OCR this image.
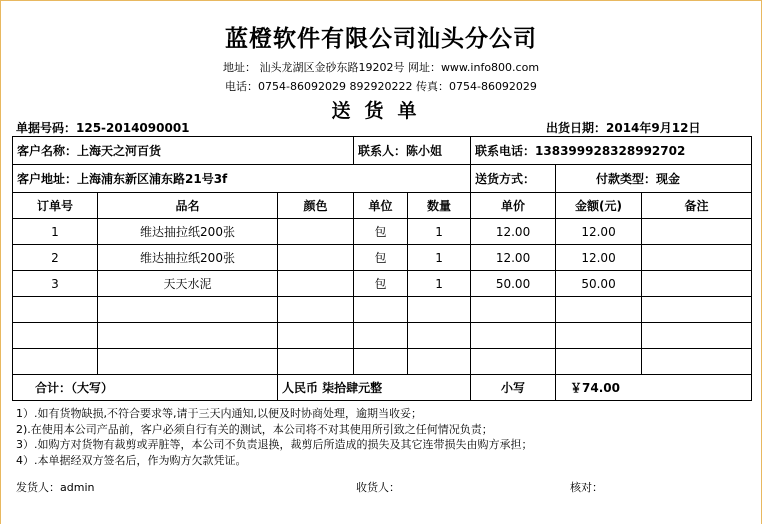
蓝橙软件有限公司汕头分公司
地址： 汕头龙湖区金砂东路19202号 网址：www.info800.com
电话：0754-86092029 892920222 传真：0754-86092029
送货单
单据号码：125-2014090001	出货日期：2014年9月12日
客户名称：上海天之河百货			联系人：陈小姐		联系电话：13839992832899270​2		
客户地址：上海浦东新区浦东路21号3f					送货方式：	付款类型：现金	
订单号	品名	颜色	单位	数量	单价	金额(元)	备注
1	维达抽拉纸200张		包	1	12.00	12.00	
2	维达抽拉纸200张		包	1	12.00	12.00	
3	天天水泥		包	1	50.00	50.00	

合计：（大写）		人民币 柒拾肆元整			小写	￥74.00	
1）.如有货物缺损,不符合要求等,请于三天内通知,以便及时协商处理，逾期当收妥；
2).在使用本公司产品前，客户必须自行有关的测试，本公司将不对其使用所引致之任何情况负责；
3）.如购方对货物有裁剪或弄脏等，本公司不负责退换，裁剪后所造成的损失及其它连带损失由购方承担；
4）.本单据经双方签名后，作为购方欠款凭证。
发货人：admin	收货人：	核对：
